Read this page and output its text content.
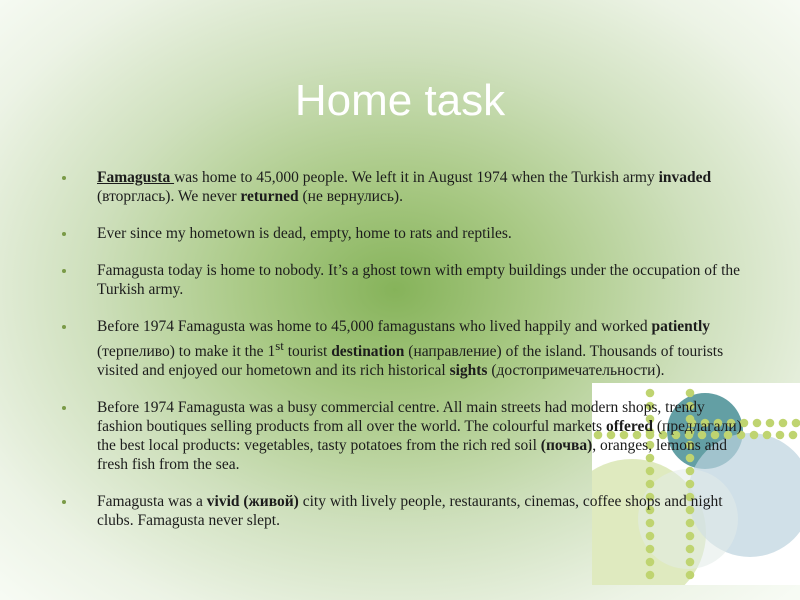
Home task
Famagusta was home to 45,000 people. We left it in August 1974 when the Turkish army invaded (вторглась). We never returned (не вернулись).
Ever since my hometown is dead, empty, home to rats and reptiles.
Famagusta today is home to nobody. It’s a ghost town with empty buildings under the occupation of the Turkish army.
Before 1974 Famagusta was home to 45,000 famagustans who lived happily and worked patiently (терпеливо) to make it the 1st tourist destination (направление) of the island. Thousands of tourists visited and enjoyed our hometown and its rich historical sights (достопримечательности).
Before 1974 Famagusta was a busy commercial centre. All main streets had modern shops, trendy fashion boutiques selling products from all over the world. The colourful markets offered (предлагали) the best local products: vegetables, tasty potatoes from the rich red soil (почва), oranges, lemons and fresh fish from the sea.
Famagusta was a vivid (живой) city with lively people, restaurants, cinemas, coffee shops and night clubs. Famagusta never slept.
